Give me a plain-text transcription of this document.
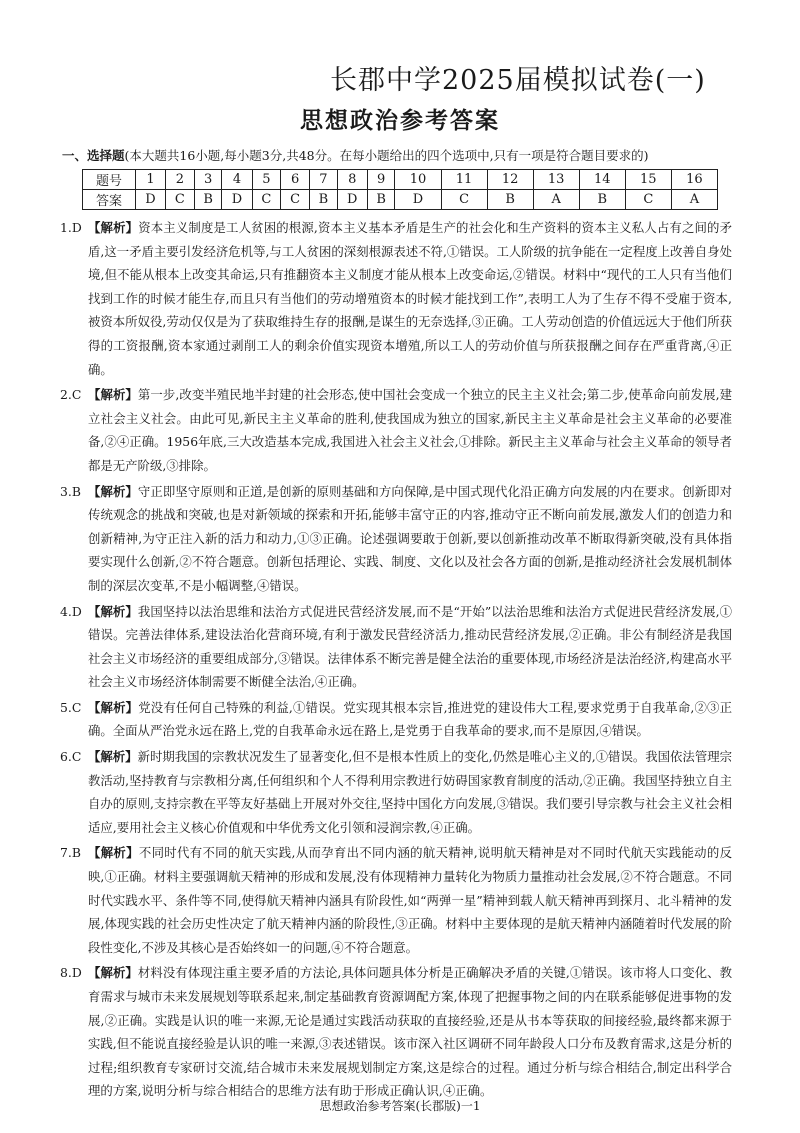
长郡中学2025届模拟试卷(一)
思想政治参考答案
一、选择题(本大题共16小题,每小题3分,共48分。在每小题给出的四个选项中,只有一项是符合题目要求的)
题号	1	2	3	4	5	6	7	8	9	10	11	12	13	14	15	16
答案	D	C	B	D	C	C	B	D	B	D	C	B	A	B	C	A
1.D 【解析】资本主义制度是工人贫困的根源,资本主义基本矛盾是生产的社会化和生产资料的资本主义私人占有之间的矛盾,这一矛盾主要引发经济危机等,与工人贫困的深刻根源表述不符,①错误。工人阶级的抗争能在一定程度上改善自身处境,但不能从根本上改变其命运,只有推翻资本主义制度才能从根本上改变命运,②错误。材料中“现代的工人只有当他们找到工作的时候才能生存,而且只有当他们的劳动增殖资本的时候才能找到工作”,表明工人为了生存不得不受雇于资本,被资本所奴役,劳动仅仅是为了获取维持生存的报酬,是谋生的无奈选择,③正确。工人劳动创造的价值远远大于他们所获得的工资报酬,资本家通过剥削工人的剩余价值实现资本增殖,所以工人的劳动价值与所获报酬之间存在严重背离,④正确。
2.C 【解析】第一步,改变半殖民地半封建的社会形态,使中国社会变成一个独立的民主主义社会;第二步,使革命向前发展,建立社会主义社会。由此可见,新民主主义革命的胜利,使我国成为独立的国家,新民主主义革命是社会主义革命的必要准备,②④正确。1956年底,三大改造基本完成,我国进入社会主义社会,①排除。新民主主义革命与社会主义革命的领导者都是无产阶级,③排除。
3.B 【解析】守正即坚守原则和正道,是创新的原则基础和方向保障,是中国式现代化沿正确方向发展的内在要求。创新即对传统观念的挑战和突破,也是对新领域的探索和开拓,能够丰富守正的内容,推动守正不断向前发展,激发人们的创造力和创新精神,为守正注入新的活力和动力,①③正确。论述强调要敢于创新,要以创新推动改革不断取得新突破,没有具体指要实现什么创新,②不符合题意。创新包括理论、实践、制度、文化以及社会各方面的创新,是推动经济社会发展机制体制的深层次变革,不是小幅调整,④错误。
4.D 【解析】我国坚持以法治思维和法治方式促进民营经济发展,而不是“开始”以法治思维和法治方式促进民营经济发展,①错误。完善法律体系,建设法治化营商环境,有利于激发民营经济活力,推动民营经济发展,②正确。非公有制经济是我国社会主义市场经济的重要组成部分,③错误。法律体系不断完善是健全法治的重要体现,市场经济是法治经济,构建高水平社会主义市场经济体制需要不断健全法治,④正确。
5.C 【解析】党没有任何自己特殊的利益,①错误。党实现其根本宗旨,推进党的建设伟大工程,要求党勇于自我革命,②③正确。全面从严治党永远在路上,党的自我革命永远在路上,是党勇于自我革命的要求,而不是原因,④错误。
6.C 【解析】新时期我国的宗教状况发生了显著变化,但不是根本性质上的变化,仍然是唯心主义的,①错误。我国依法管理宗教活动,坚持教育与宗教相分离,任何组织和个人不得利用宗教进行妨碍国家教育制度的活动,②正确。我国坚持独立自主自办的原则,支持宗教在平等友好基础上开展对外交往,坚持中国化方向发展,③错误。我们要引导宗教与社会主义社会相适应,要用社会主义核心价值观和中华优秀文化引领和浸润宗教,④正确。
7.B 【解析】不同时代有不同的航天实践,从而孕育出不同内涵的航天精神,说明航天精神是对不同时代航天实践能动的反映,①正确。材料主要强调航天精神的形成和发展,没有体现精神力量转化为物质力量推动社会发展,②不符合题意。不同时代实践水平、条件等不同,使得航天精神内涵具有阶段性,如“两弹一星”精神到载人航天精神再到探月、北斗精神的发展,体现实践的社会历史性决定了航天精神内涵的阶段性,③正确。材料中主要体现的是航天精神内涵随着时代发展的阶段性变化,不涉及其核心是否始终如一的问题,④不符合题意。
8.D 【解析】材料没有体现注重主要矛盾的方法论,具体问题具体分析是正确解决矛盾的关键,①错误。该市将人口变化、教育需求与城市未来发展规划等联系起来,制定基础教育资源调配方案,体现了把握事物之间的内在联系能够促进事物的发展,②正确。实践是认识的唯一来源,无论是通过实践活动获取的直接经验,还是从书本等获取的间接经验,最终都来源于实践,但不能说直接经验是认识的唯一来源,③表述错误。该市深入社区调研不同年龄段人口分布及教育需求,这是分析的过程;组织教育专家研讨交流,结合城市未来发展规划制定方案,这是综合的过程。通过分析与综合相结合,制定出科学合理的方案,说明分析与综合相结合的思维方法有助于形成正确认识,④正确。
思想政治参考答案(长郡版)一1
